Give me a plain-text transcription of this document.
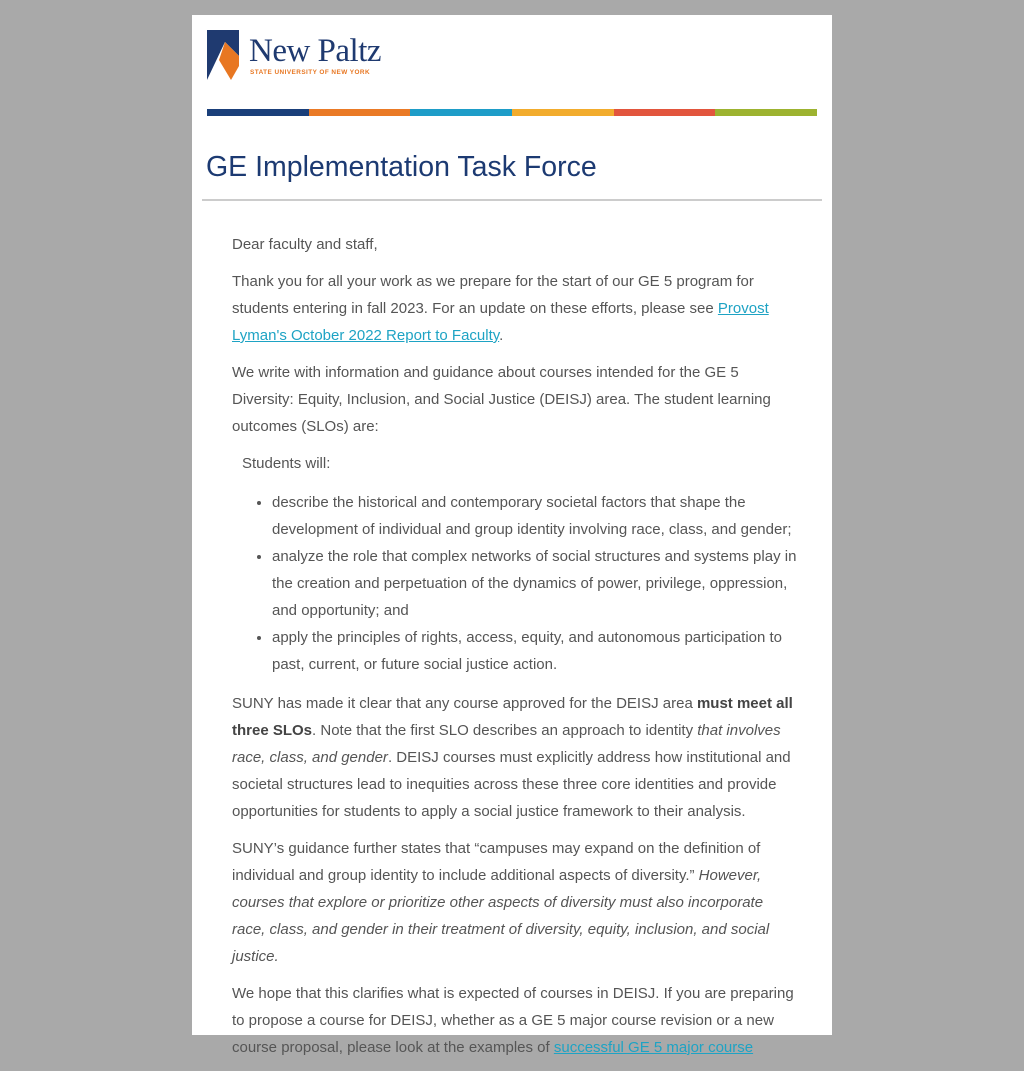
New Paltz
STATE UNIVERSITY OF NEW YORK
GE Implementation Task Force

Dear faculty and staff,

Thank you for all your work as we prepare for the start of our GE 5 program for students entering in fall 2023. For an update on these efforts, please see Provost Lyman's October 2022 Report to Faculty.

We write with information and guidance about courses intended for the GE 5 Diversity: Equity, Inclusion, and Social Justice (DEISJ) area. The student learning outcomes (SLOs) are:

Students will:

• describe the historical and contemporary societal factors that shape the development of individual and group identity involving race, class, and gender;
• analyze the role that complex networks of social structures and systems play in the creation and perpetuation of the dynamics of power, privilege, oppression, and opportunity; and
• apply the principles of rights, access, equity, and autonomous participation to past, current, or future social justice action.

SUNY has made it clear that any course approved for the DEISJ area must meet all three SLOs. Note that the first SLO describes an approach to identity that involves race, class, and gender. DEISJ courses must explicitly address how institutional and societal structures lead to inequities across these three core identities and provide opportunities for students to apply a social justice framework to their analysis.

SUNY’s guidance further states that “campuses may expand on the definition of individual and group identity to include additional aspects of diversity.” However, courses that explore or prioritize other aspects of diversity must also incorporate race, class, and gender in their treatment of diversity, equity, inclusion, and social justice.

We hope that this clarifies what is expected of courses in DEISJ. If you are preparing to propose a course for DEISJ, whether as a GE 5 major course revision or a new course proposal, please look at the examples of successful GE 5 major course
